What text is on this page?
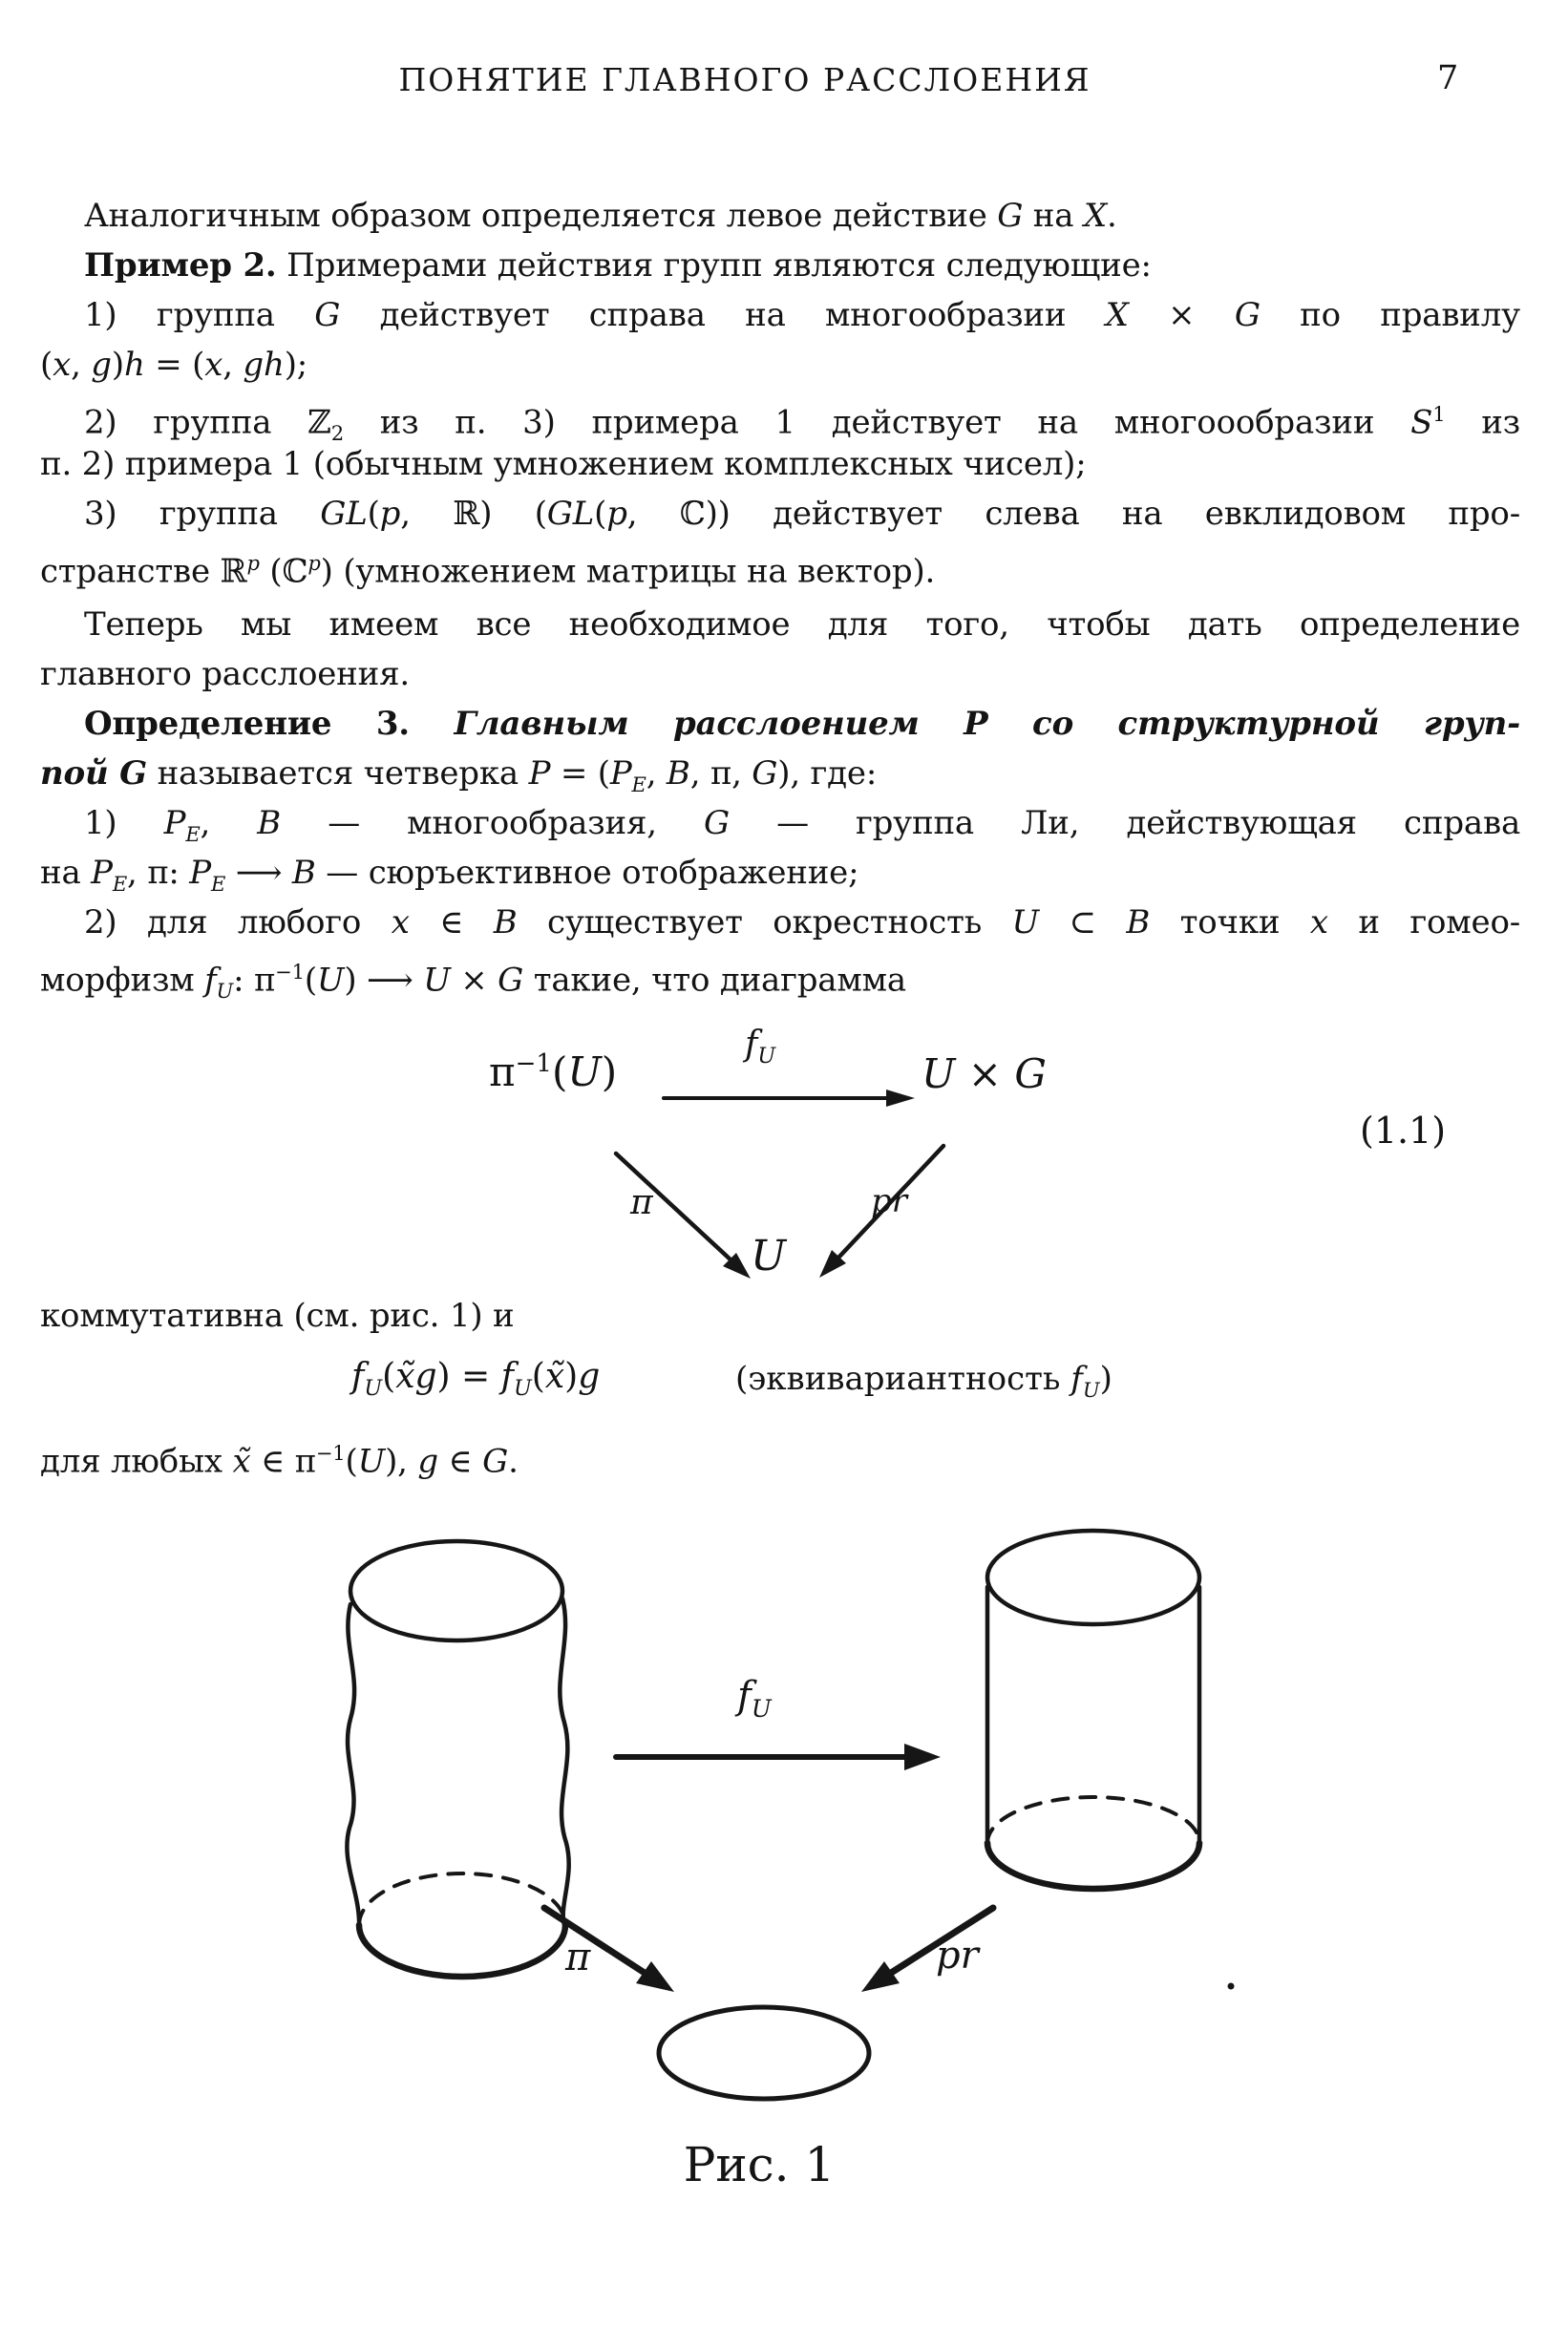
ПОНЯТИЕ ГЛАВНОГО РАССЛОЕНИЯ	7
Аналогичным образом определяется левое действие G на X.
Пример 2. Примерами действия групп являются следующие:
1) группа G действует справа на многообразии X × G по правилу
(x, g)h = (x, gh);
2) группа ℤ$_2$ из п. 3) примера 1 действует на многоообразии $S^1$ из
п. 2) примера 1 (обычным умножением комплексных чисел);
3) группа GL(p, ℝ) (GL(p, ℂ)) действует слева на евклидовом про-
странстве ℝ$^p$ (ℂ$^p$) (умножением матрицы на вектор).
Теперь мы имеем все необходимое для того, чтобы дать определение
главного расслоения.
Определение 3. Главным расслоением P со структурной груп-
пой G называется четверка $P = (P_E$, B, π, G), где:
1) $P_E$, B — многообразия, G — группа Ли, действующая справа
на $P_E$, π: $P_E$ ⟶ B — сюръективное отображение;
2) для любого x ∈ B существует окрестность U ⊂ B точки x и гомео-
морфизм $f_U$: $\pi^{-1}(U)$ ⟶ U × G такие, что диаграмма
$\pi^{-1}(U)$
$f_U$	U × G
(1.1)
π	pr
U
коммутативна (см. рис. 1) и
$f_U(x̃g)$ = $f_U(x̃)g$	(эквивариантность $f_U$)
для любых x̃ ∈ $\pi^{-1}(U)$, g ∈ G.
$f_U$
π	pr
Рис. 1
